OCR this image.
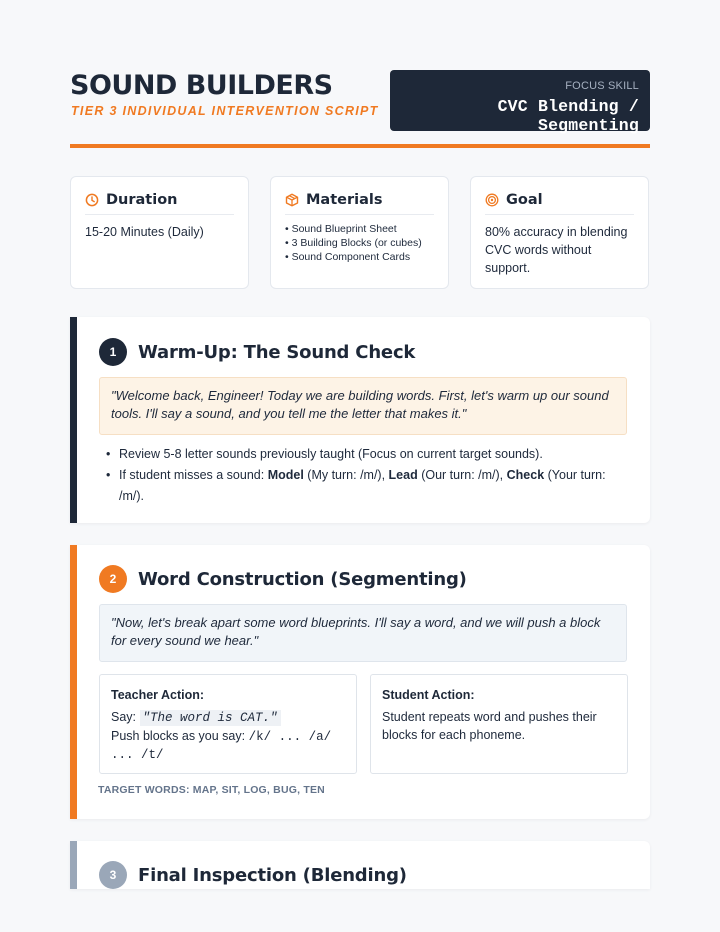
SOUND BUILDERS
TIER 3 INDIVIDUAL INTERVENTION SCRIPT
FOCUS SKILL
CVC Blending / Segmenting
Duration
15-20 Minutes (Daily)
Materials
• Sound Blueprint Sheet
• 3 Building Blocks (or cubes)
• Sound Component Cards
Goal
80% accuracy in blending CVC words without support.
1	Warm-Up: The Sound Check
"Welcome back, Engineer! Today we are building words. First, let's warm up our sound tools. I'll say a sound, and you tell me the letter that makes it."
• Review 5-8 letter sounds previously taught (Focus on current target sounds).
• If student misses a sound: Model (My turn: /m/), Lead (Our turn: /m/), Check (Your turn: /m/).
2	Word Construction (Segmenting)
"Now, let's break apart some word blueprints. I'll say a word, and we will push a block for every sound we hear."
Teacher Action:
Say: "The word is CAT."
Push blocks as you say: /k/ ... /a/
... /t/
Student Action:
Student repeats word and pushes their blocks for each phoneme.
TARGET WORDS: MAP, SIT, LOG, BUG, TEN
3	Final Inspection (Blending)
